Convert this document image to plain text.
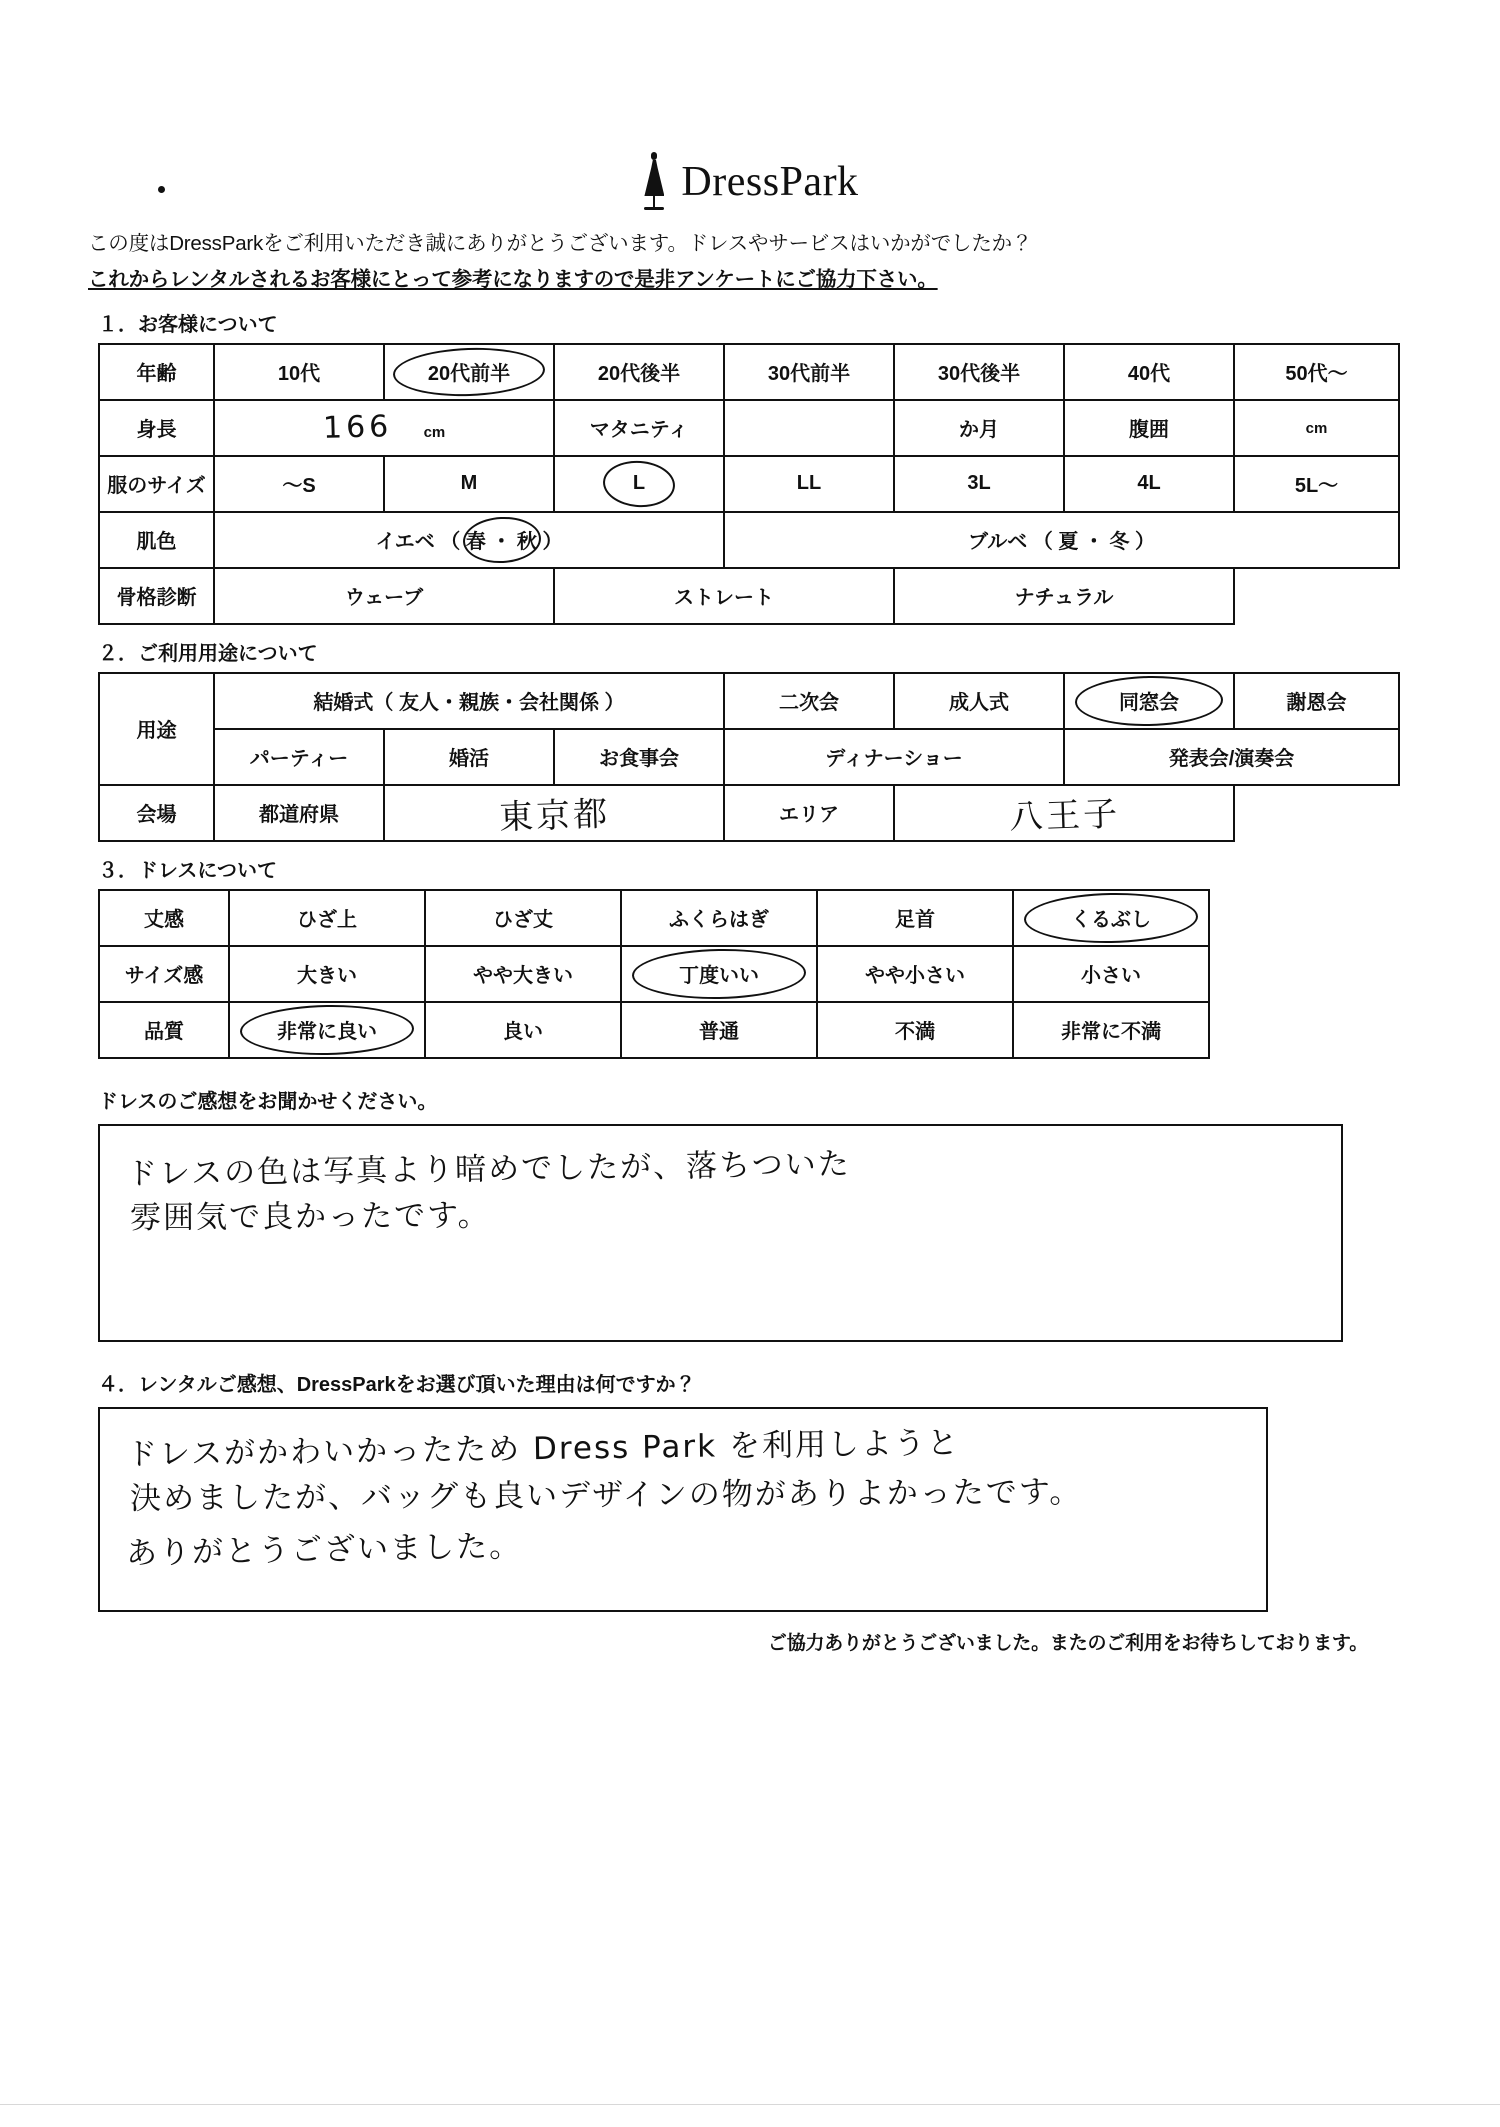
DressPark
この度はDressParkをご利用いただき誠にありがとうございます。ドレスやサービスはいかがでしたか？
これからレンタルされるお客様にとって参考になりますので是非アンケートにご協力下さい。
１．お客様について
年齢	10代	20代前半	20代後半	30代前半	30代後半	40代	50代〜
身長	166 cm		マタニティ		か月	腹囲	cm
服のサイズ	〜S	M	L	LL	3L	4L	5L〜
肌色	イエベ （ 春 ・ 秋 ）			ブルベ （ 夏 ・ 冬 ）			
骨格診断	ウェーブ		ストレート		ナチュラル		
２．ご利用用途について
用途	結婚式（ 友人・親族・会社関係 ）			二次会	成人式	同窓会	謝恩会
	パーティー	婚活	お食事会	ディナーショー		発表会/演奏会	
会場	都道府県	東京都		エリア	八王子		
３．ドレスについて
丈感	ひざ上	ひざ丈	ふくらはぎ	足首	くるぶし

サイズ感	大きい	やや大きい	丁度いい	やや小さい	小さい
品質	非常に良い	良い	普通	不満	非常に不満
ドレスのご感想をお聞かせください。
ドレスの色は写真より暗めでしたが、落ちついた
雰囲気で良かったです。
４．レンタルご感想、DressParkをお選び頂いた理由は何ですか？
ドレスがかわいかったため Dress Park を利用しようと
決めましたが、バッグも良いデザインの物がありよかったです。
ありがとうございました。
ご協力ありがとうございました。またのご利用をお待ちしております。
